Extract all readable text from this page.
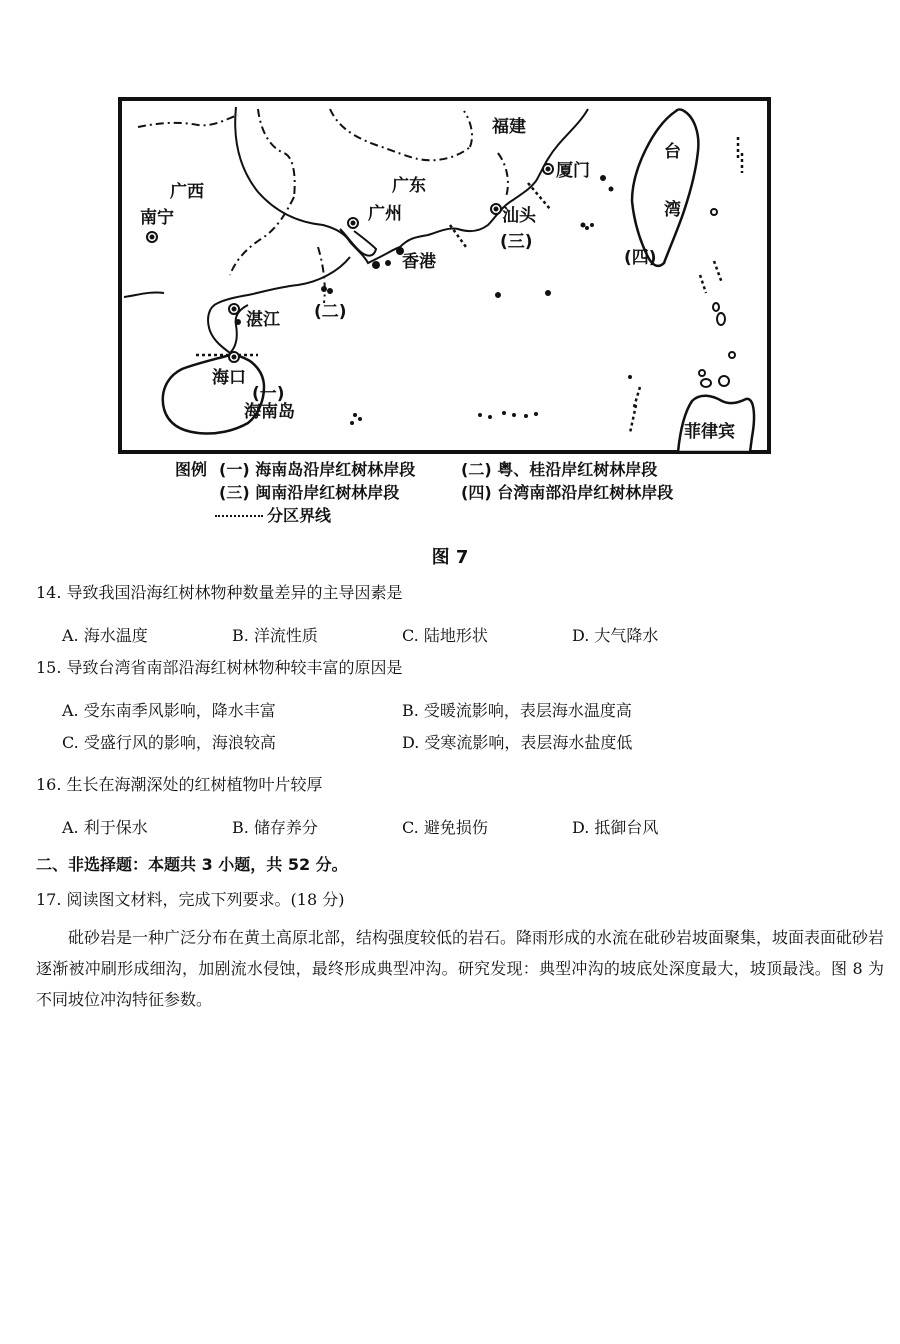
福建
厦门
台
湾
广西
南宁
广东
广州	汕头
香港
湛江
海口
海南岛
菲律宾
(一)
(二)
(三)
(四)
图例 (一) 海南岛沿岸红树林岸段	(二) 粤、桂沿岸红树林岸段
(三) 闽南沿岸红树林岸段	(四) 台湾南部沿岸红树林岸段
分区界线
图 7
14. 导致我国沿海红树林物种数量差异的主导因素是
A. 海水温度	B. 洋流性质	C. 陆地形状	D. 大气降水
15. 导致台湾省南部沿海红树林物种较丰富的原因是
A. 受东南季风影响，降水丰富	B. 受暖流影响，表层海水温度高
C. 受盛行风的影响，海浪较高	D. 受寒流影响，表层海水盐度低
16. 生长在海潮深处的红树植物叶片较厚
A. 利于保水	B. 储存养分	C. 避免损伤	D. 抵御台风
二、非选择题：本题共 3 小题，共 52 分。
17. 阅读图文材料，完成下列要求。(18 分)
砒砂岩是一种广泛分布在黄土高原北部，结构强度较低的岩石。降雨形成的水流在砒砂岩坡面聚集，坡面表面砒砂岩逐渐被冲刷形成细沟，加剧流水侵蚀，最终形成典型冲沟。研究发现：典型冲沟的坡底处深度最大，坡顶最浅。图 8 为不同坡位冲沟特征参数。
